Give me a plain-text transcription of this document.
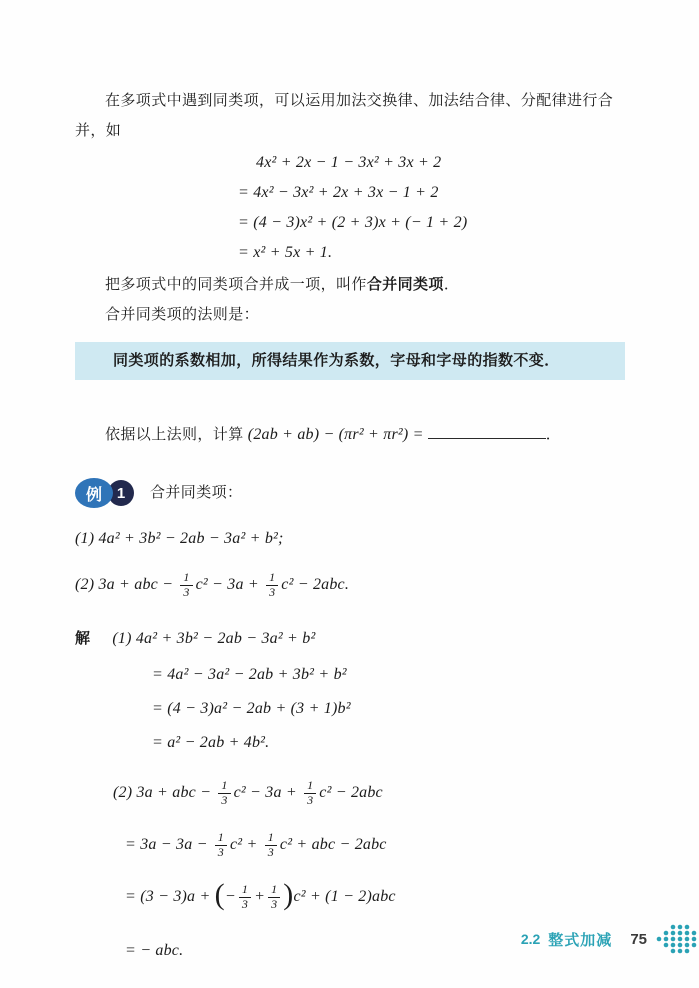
在多项式中遇到同类项，可以运用加法交换律、加法结合律、分配律进行合并，如

4x² + 2x − 1 − 3x² + 3x + 2
= 4x² − 3x² + 2x + 3x − 1 + 2
= (4 − 3)x² + (2 + 3)x + (− 1 + 2)
= x² + 5x + 1.

把多项式中的同类项合并成一项，叫作合并同类项．

合并同类项的法则是：

同类项的系数相加，所得结果作为系数，字母和字母的指数不变．

依据以上法则，计算 (2ab + ab) − (πr² + πr²) =	．

例 1	合并同类项：
(1) 4a² + 3b² − 2ab − 3a² + b²;
(2) 3a + abc − $\frac{1}{3} c^2 - 3a + \frac{1}{3} c^2 - 2abc$.
解 (1) 4a² + 3b² − 2ab − 3a² + b²
= 4a² − 3a² − 2ab + 3b² + b²
= (4 − 3)a² − 2ab + (3 + 1)b²
= a² − 2ab + 4b².
(2) 3a + abc − $\frac{1}{3} c^2 - 3a + \frac{1}{3} c^2 - 2abc$
= $3a - 3a - \frac{1}{3} c^2 + \frac{1}{3} c^2$ + abc − 2abc
= (3 − 3)a + (− $\frac{1}{3} + \frac{1}{3} )c^2 + (1 - 2)abc$
= − abc.
2.2 整式加减 75
